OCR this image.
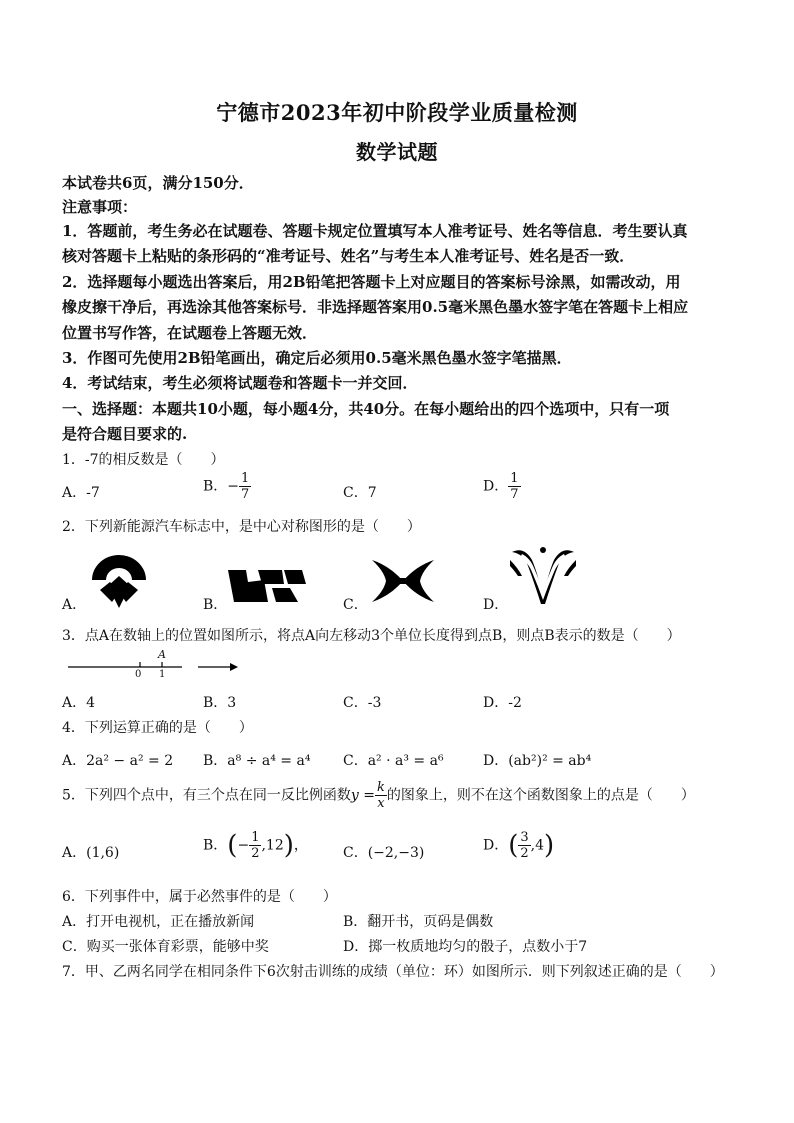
宁德市2023年初中阶段学业质量检测
数学试题
本试卷共6页，满分150分．
注意事项：
1．答题前，考生务必在试题卷、答题卡规定位置填写本人准考证号、姓名等信息．考生要认真
核对答题卡上粘贴的条形码的“准考证号、姓名”与考生本人准考证号、姓名是否一致．
2．选择题每小题选出答案后，用2B铅笔把答题卡上对应题目的答案标号涂黑，如需改动，用
橡皮擦干净后，再选涂其他答案标号．非选择题答案用0.5毫米黑色墨水签字笔在答题卡上相应
位置书写作答，在试题卷上答题无效．
3．作图可先使用2B铅笔画出，确定后必须用0.5毫米黑色墨水签字笔描黑．
4．考试结束，考生必须将试题卷和答题卡一并交回．
一、选择题：本题共10小题，每小题4分，共40分。在每小题给出的四个选项中，只有一项
是符合题目要求的.
1．-7的相反数是（　　）
A．-7	B．− $\frac{1}{7}$	C．7	D． $\frac{1}{7}$
2．下列新能源汽车标志中，是中心对称图形的是（　　）
A．	B．	C．	D．
3．点A在数轴上的位置如图所示，将点A向左移动3个单位长度得到点B，则点B表示的数是（　　）
A
0 1
A．4	B．3	C．-3	D．-2
4．下列运算正确的是（　　）
A．2a² − a² = 2 B．a⁸ ÷ a⁴ = a⁴ C．a² · a³ = a⁶	D．(ab²)² = ab⁴
5．下列四个点中，有三个点在同一反比例函数$y = \frac{k}{x}$ 的图象上，则不在这个函数图象上的点是（　　）
A．(1,6)	B．(− $\frac{1}{2} ,12$)，	C．(−2,−3)	D．( $\frac{3}{2} ,4$)
6．下列事件中，属于必然事件的是（　　）
A．打开电视机，正在播放新闻	B．翻开书，页码是偶数
C．购买一张体育彩票，能够中奖	D．掷一枚质地均匀的骰子，点数小于7
7．甲、乙两名同学在相同条件下6次射击训练的成绩（单位：环）如图所示．则下列叙述正确的是（　　）
